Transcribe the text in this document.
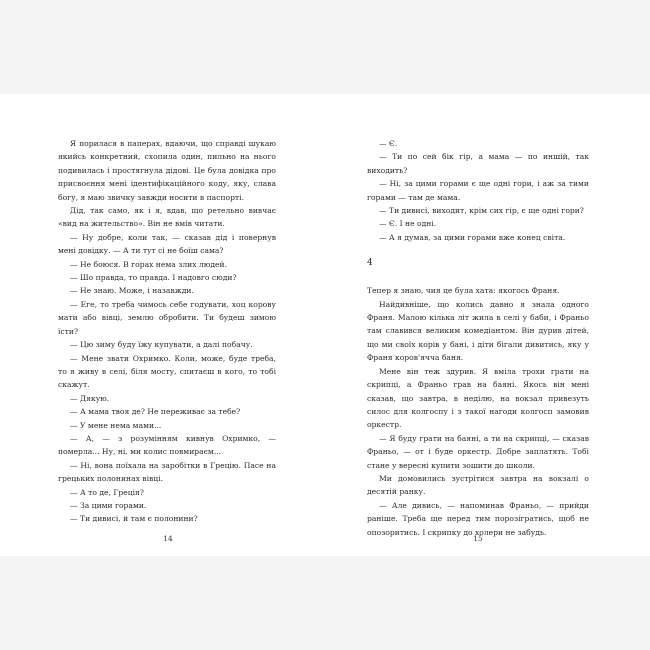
Я порилася в паперах, вдаючи, що справді шукаю якийсь конкретний, схопила один, пильно на нього подивилась і простягнула дідові. Це була довідка про присвоєння мені ідентифікаційного коду, яку, слава богу, я маю звичку завжди носити в паспорті.

Дід, так само, як і я, вдав, що ретельно вивчає «вид на жительство». Він не вмів читати.

— Ну добре, коли так, — сказав дід і повернув мені довідку. — А ти тут сі не боїш сама?

— Не боюся. В горах нема злих людей.

— Шо правда, то правда. І надовго сюди?

— Не знаю. Може, і назавжди.

— Еге, то треба чимось себе годувати, хоц корову мати або вівці, землю обробити. Ти будеш зимою їсти?

— Цю зиму буду їжу купувати, а далі побачу.

— Мене звати Охримко. Коли, може, буде треба, то я живу в селі, біля мосту, спитаєш в кого, то тобі скажут.

— Дякую.

— А мама твоя де? Не переживає за тебе?

— У мене нема мами...

— А, — з розумінням кивнув Охримко, — померла... Ну, ні, ми колис повмираєм...

— Ні, вона поїхала на заробітки в Грецію. Пасе на грецьких полонинах вівці.

— А то де, Греція?

— За цими горами.

— Ти дивисі, й там є полонини?

14

— Є.

— Ти по сей бік гір, а мама — по иншій, так виходить?

— Ні, за цими горами є ще одні гори, і аж за тими горами — там де мама.

— Ти дивисі, виходит, крім сих гір, є ще одні гори?

— Є. І не одні.

— А я думав, за цими горами вже конец світа.

4

Тепер я знаю, чия це була хата: якогось Франя.

Найдивніше, що колись давно я знала одного Франя. Малою кілька літ жила в селі у баби, і Франьо там славився великим комедіантом. Він дурив дітей, що ми своїх корів у бані, і діти бігали дивитись, яку у Франя коров'ячча баня.

Мене він теж здурив. Я вміла трохи грати на скрипці, а Франьо грав на баяні. Якось він мені сказав, що завтра, в неділю, на вокзал привезуть силос для колгоспу і з такої нагоди колгосп замовив оркестр.

— Я буду грати на баяні, а ти на скрипці, — сказав Франьо, — от і буде оркестр. Добре заплатять. Тобі стане у вересні купити зошити до школи.

Ми домовились зустрітися завтра на вокзалі о десятій ранку.

— Але дивись, — напоминав Франьо, — прийди раніше. Треба ще перед тим порозігратись, щоб не опозоритись. І скрипку до холери не забудь.

15
